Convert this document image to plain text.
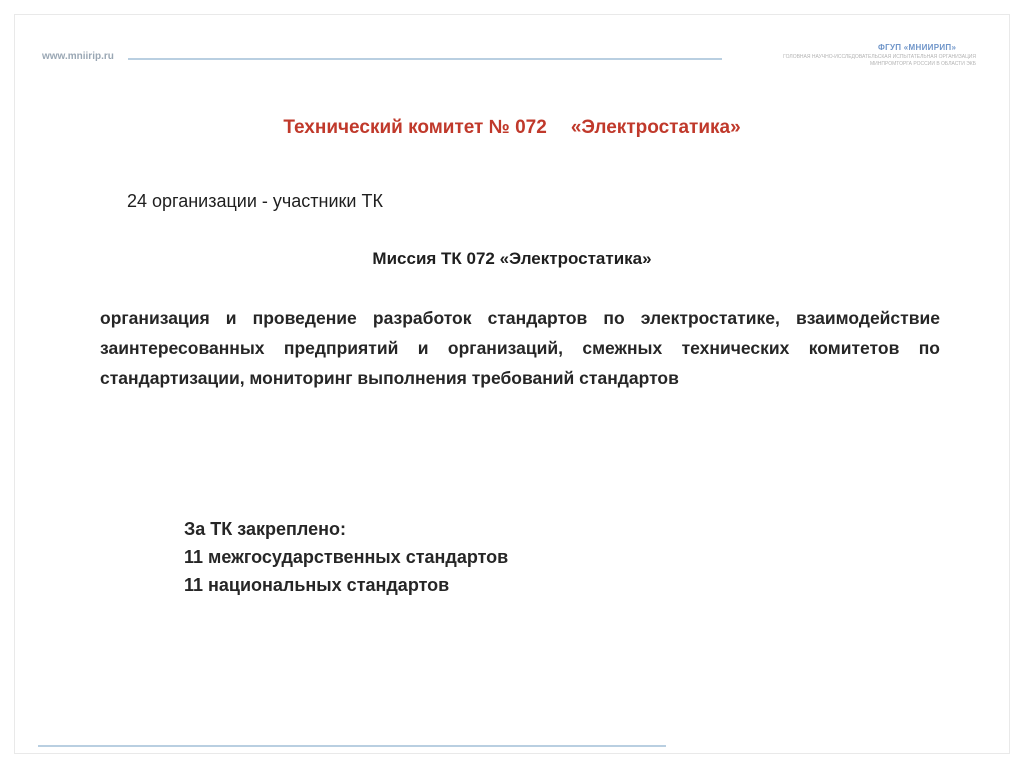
www.mniirip.ru
ФГУП «МНИИРИП»
ГОЛОВНАЯ НАУЧНО-ИССЛЕДОВАТЕЛЬСКАЯ ИСПЫТАТЕЛЬНАЯ ОРГАНИЗАЦИЯ
МИНПРОМТОРГА РОССИИ В ОБЛАСТИ ЭКБ
Технический комитет № 072 «Электростатика»
24 организации - участники ТК
Миссия ТК 072 «Электростатика»
организация и проведение разработок стандартов по электростатике, взаимодействие заинтересованных предприятий и организаций, смежных технических комитетов по стандартизации, мониторинг выполнения требований стандартов
За ТК закреплено:
11 межгосударственных стандартов
11 национальных стандартов
